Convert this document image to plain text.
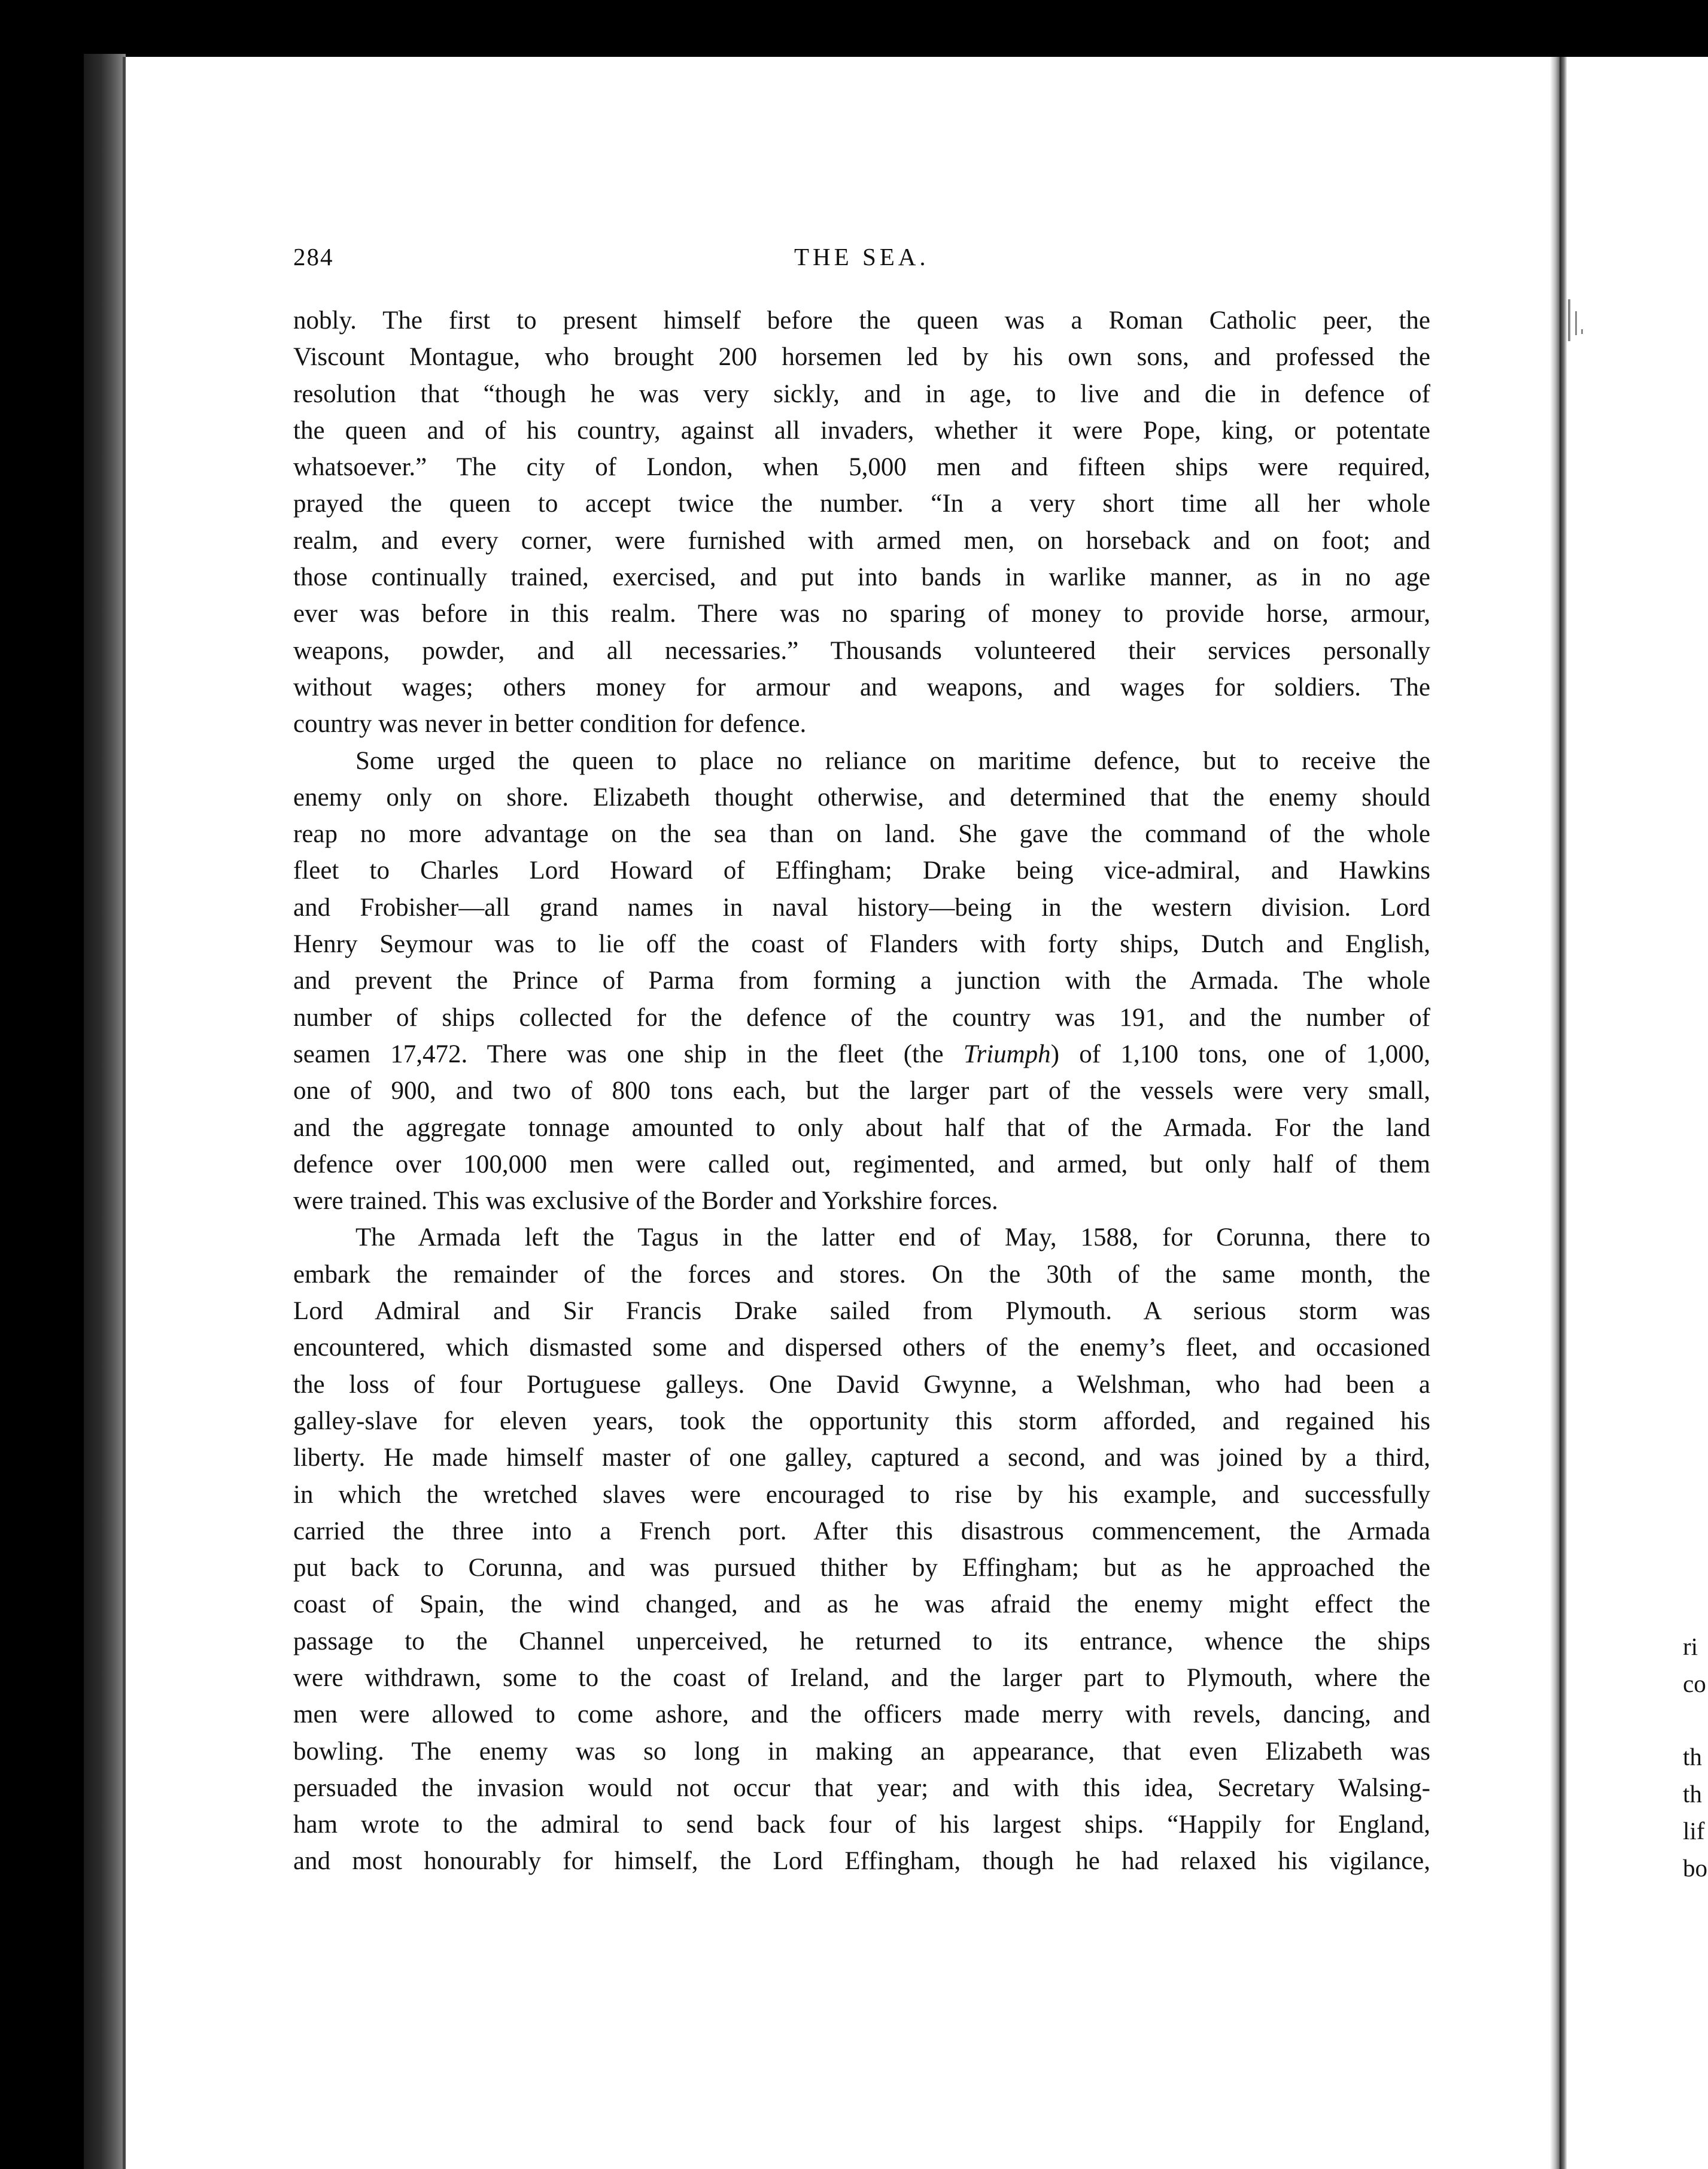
284	THE SEA.
nobly. The first to present himself before the queen was a Roman Catholic peer, the
Viscount Montague, who brought 200 horsemen led by his own sons, and professed the
resolution that “though he was very sickly, and in age, to live and die in defence of
the queen and of his country, against all invaders, whether it were Pope, king, or potentate
whatsoever.” The city of London, when 5,000 men and fifteen ships were required,
prayed the queen to accept twice the number. “In a very short time all her whole
realm, and every corner, were furnished with armed men, on horseback and on foot; and
those continually trained, exercised, and put into bands in warlike manner, as in no age
ever was before in this realm. There was no sparing of money to provide horse, armour,
weapons, powder, and all necessaries.” Thousands volunteered their services personally
without wages; others money for armour and weapons, and wages for soldiers. The
country was never in better condition for defence.
Some urged the queen to place no reliance on maritime defence, but to receive the
enemy only on shore. Elizabeth thought otherwise, and determined that the enemy should
reap no more advantage on the sea than on land. She gave the command of the whole
fleet to Charles Lord Howard of Effingham; Drake being vice-admiral, and Hawkins
and Frobisher—all grand names in naval history—being in the western division. Lord
Henry Seymour was to lie off the coast of Flanders with forty ships, Dutch and English,
and prevent the Prince of Parma from forming a junction with the Armada. The whole
number of ships collected for the defence of the country was 191, and the number of
seamen 17,472. There was one ship in the fleet (the Triumph) of 1,100 tons, one of 1,000,
one of 900, and two of 800 tons each, but the larger part of the vessels were very small,
and the aggregate tonnage amounted to only about half that of the Armada. For the land
defence over 100,000 men were called out, regimented, and armed, but only half of them
were trained. This was exclusive of the Border and Yorkshire forces.
The Armada left the Tagus in the latter end of May, 1588, for Corunna, there to
embark the remainder of the forces and stores. On the 30th of the same month, the
Lord Admiral and Sir Francis Drake sailed from Plymouth. A serious storm was
encountered, which dismasted some and dispersed others of the enemy’s fleet, and occasioned
the loss of four Portuguese galleys. One David Gwynne, a Welshman, who had been a
galley-slave for eleven years, took the opportunity this storm afforded, and regained his
liberty. He made himself master of one galley, captured a second, and was joined by a third,
in which the wretched slaves were encouraged to rise by his example, and successfully
carried the three into a French port. After this disastrous commencement, the Armada
put back to Corunna, and was pursued thither by Effingham; but as he approached the
coast of Spain, the wind changed, and as he was afraid the enemy might effect the
passage to the Channel unperceived, he returned to its entrance, whence the ships
were withdrawn, some to the coast of Ireland, and the larger part to Plymouth, where the
men were allowed to come ashore, and the officers made merry with revels, dancing, and
bowling. The enemy was so long in making an appearance, that even Elizabeth was
persuaded the invasion would not occur that year; and with this idea, Secretary Walsing-
ham wrote to the admiral to send back four of his largest ships. “Happily for England,
and most honourably for himself, the Lord Effingham, though he had relaxed his vigilance,
ri
co
th
th
lif
bo
